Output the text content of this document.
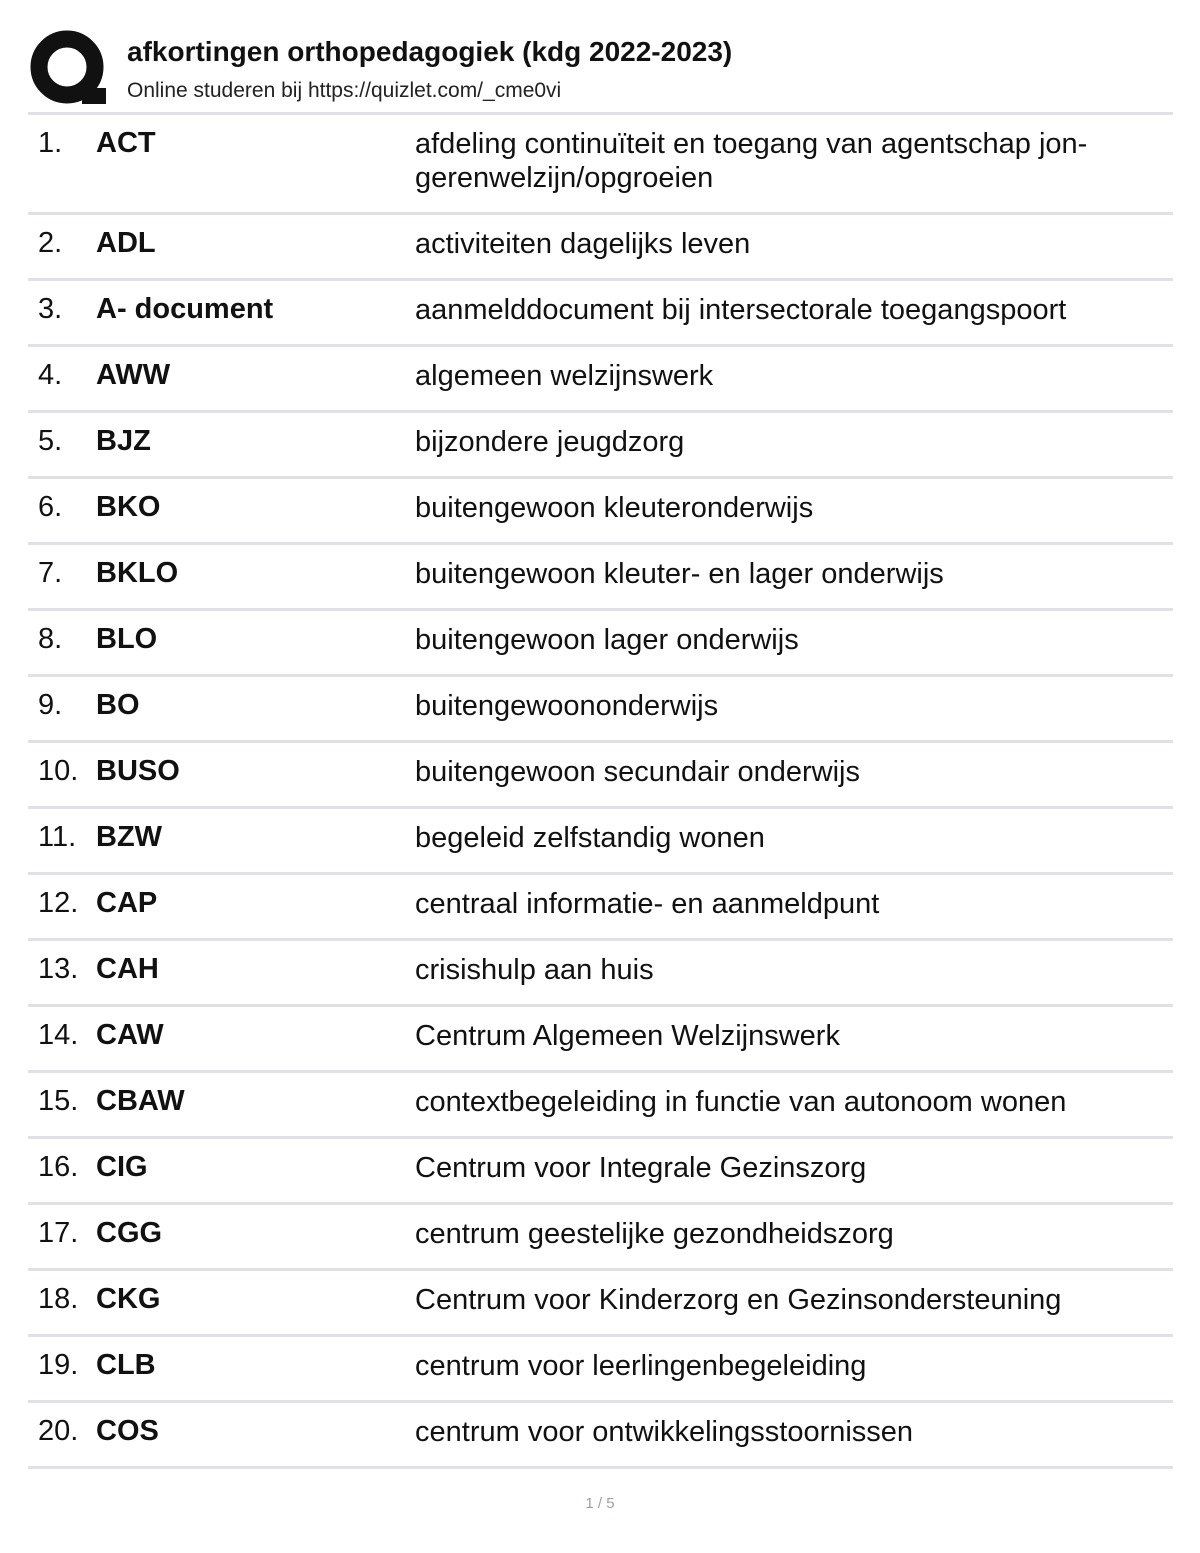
afkortingen orthopedagogiek (kdg 2022-2023)
Online studeren bij https://quizlet.com/_cme0vi
1. ACT	afdeling continuïteit en toegang van agentschap jon-gerenwelzijn/opgroeien
2. ADL	activiteiten dagelijks leven
3. A- document	aanmelddocument bij intersectorale toegangspoort
4. AWW	algemeen welzijnswerk
5. BJZ	bijzondere jeugdzorg
6. BKO	buitengewoon kleuteronderwijs
7. BKLO	buitengewoon kleuter- en lager onderwijs
8. BLO	buitengewoon lager onderwijs
9. BO	buitengewoononderwijs
10. BUSO	buitengewoon secundair onderwijs
11. BZW	begeleid zelfstandig wonen
12. CAP	centraal informatie- en aanmeldpunt
13. CAH	crisishulp aan huis
14. CAW	Centrum Algemeen Welzijnswerk
15. CBAW	contextbegeleiding in functie van autonoom wonen
16. CIG	Centrum voor Integrale Gezinszorg
17. CGG	centrum geestelijke gezondheidszorg
18. CKG	Centrum voor Kinderzorg en Gezinsondersteuning
19. CLB	centrum voor leerlingenbegeleiding
20. COS	centrum voor ontwikkelingsstoornissen
1 / 5
